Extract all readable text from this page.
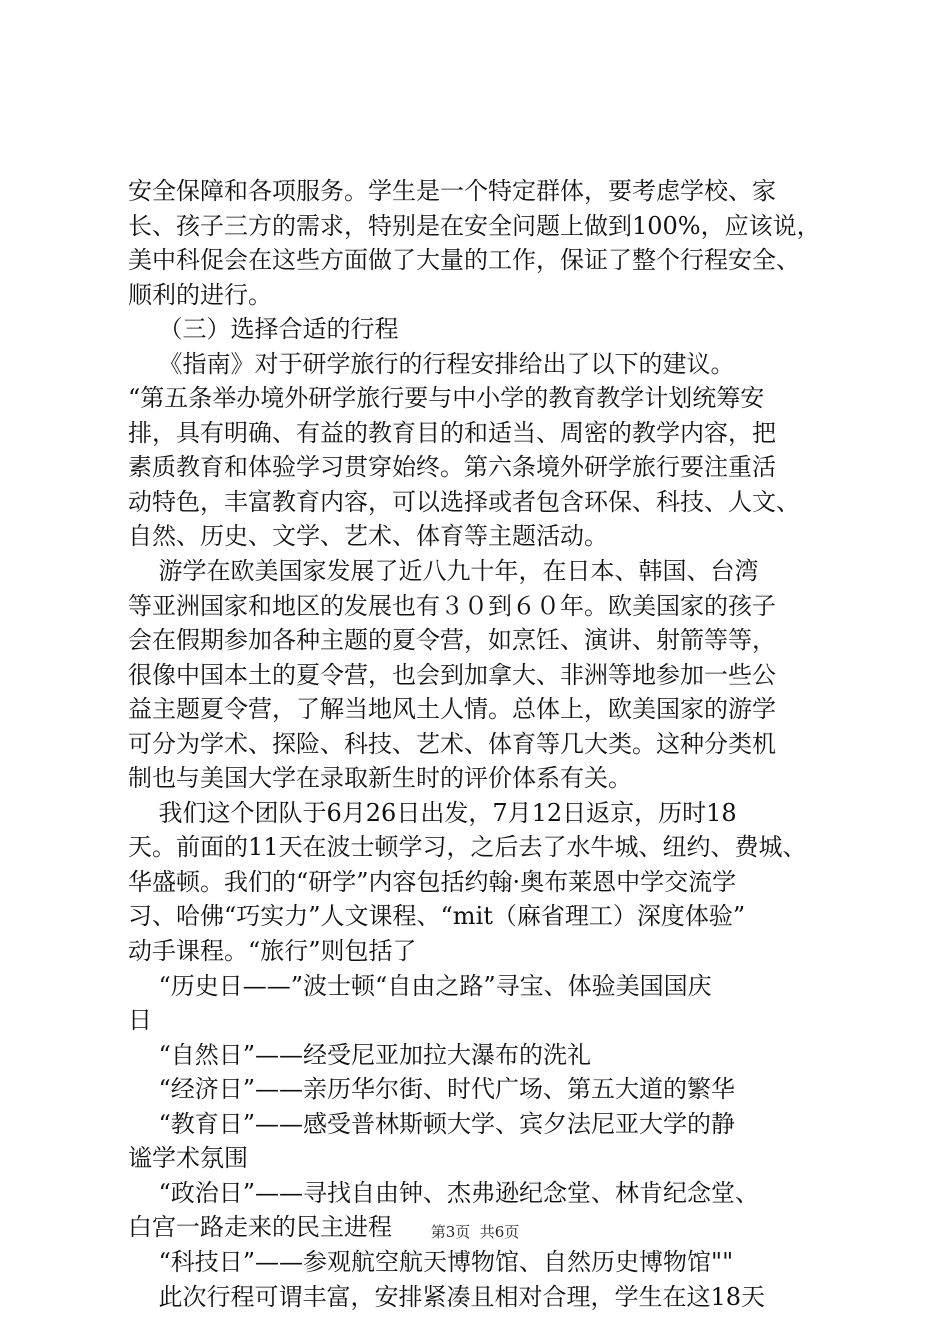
安全保障和各项服务。学生是一个特定群体，要考虑学校、家
长、孩子三方的需求，特别是在安全问题上做到100%，应该说，
美中科促会在这些方面做了大量的工作，保证了整个行程安全、
顺利的进行。
（三）选择合适的行程
《指南》对于研学旅行的行程安排给出了以下的建议。
“第五条举办境外研学旅行要与中小学的教育教学计划统筹安
排，具有明确、有益的教育目的和适当、周密的教学内容，把
素质教育和体验学习贯穿始终。第六条境外研学旅行要注重活
动特色，丰富教育内容，可以选择或者包含环保、科技、人文、
自然、历史、文学、艺术、体育等主题活动。
游学在欧美国家发展了近八九十年，在日本、韩国、台湾
等亚洲国家和地区的发展也有３０到６０年。欧美国家的孩子
会在假期参加各种主题的夏令营，如烹饪、演讲、射箭等等，
很像中国本土的夏令营，也会到加拿大、非洲等地参加一些公
益主题夏令营，了解当地风土人情。总体上，欧美国家的游学
可分为学术、探险、科技、艺术、体育等几大类。这种分类机
制也与美国大学在录取新生时的评价体系有关。
我们这个团队于6月26日出发，7月12日返京，历时18
天。前面的11天在波士顿学习，之后去了水牛城、纽约、费城、
华盛顿。我们的“研学”内容包括约翰·奥布莱恩中学交流学
习、哈佛“巧实力”人文课程、“mit（麻省理工）深度体验”
动手课程。“旅行”则包括了
“历史日——”波士顿“自由之路”寻宝、体验美国国庆
日
“自然日”——经受尼亚加拉大瀑布的洗礼
“经济日”——亲历华尔街、时代广场、第五大道的繁华
“教育日”——感受普林斯顿大学、宾夕法尼亚大学的静
谧学术氛围
“政治日”——寻找自由钟、杰弗逊纪念堂、林肯纪念堂、
白宫一路走来的民主进程
“科技日”——参观航空航天博物馆、自然历史博物馆""
此次行程可谓丰富，安排紧凑且相对合理，学生在这18天
第3页  共6页
